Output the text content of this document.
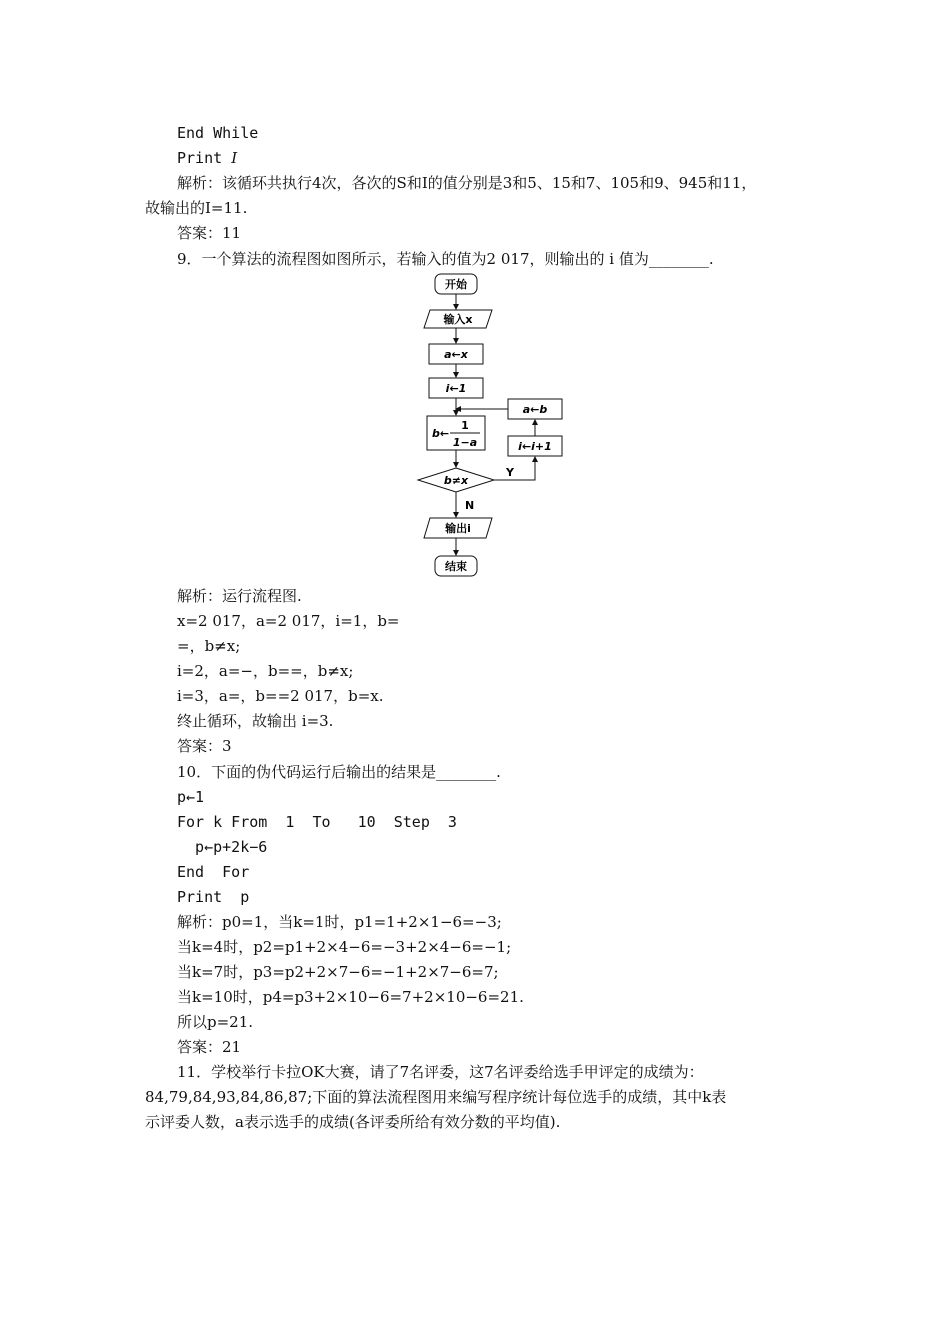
End While
Print I
解析：该循环共执行4次，各次的S和I的值分别是3和5、15和7、105和9、945和11，
故输出的I=11.
答案：11
9．一个算法的流程图如图所示，若输入的值为2 017，则输出的 i 值为________.
开始
输入x
a←x
i←1
b←
1
1−a
b≠x
Y
N
i←i+1
a←b
输出i
结束
解析：运行流程图.
x=2 017，a=2 017，i=1，b=
=，b≠x;
i=2，a=−，b==，b≠x;
i=3，a=，b==2 017，b=x.
终止循环，故输出 i=3.
答案：3
10．下面的伪代码运行后输出的结果是________.
p←1
For k From  1  To   10  Step  3
p←p+2k−6
End  For
Print  p
解析：p0=1，当k=1时，p1=1+2×1−6=−3;
当k=4时，p2=p1+2×4−6=−3+2×4−6=−1;
当k=7时，p3=p2+2×7−6=−1+2×7−6=7;
当k=10时，p4=p3+2×10−6=7+2×10−6=21.
所以p=21.
答案：21
11．学校举行卡拉OK大赛，请了7名评委，这7名评委给选手甲评定的成绩为：
84,79,84,93,84,86,87;下面的算法流程图用来编写程序统计每位选手的成绩，其中k表
示评委人数，a表示选手的成绩(各评委所给有效分数的平均值).
